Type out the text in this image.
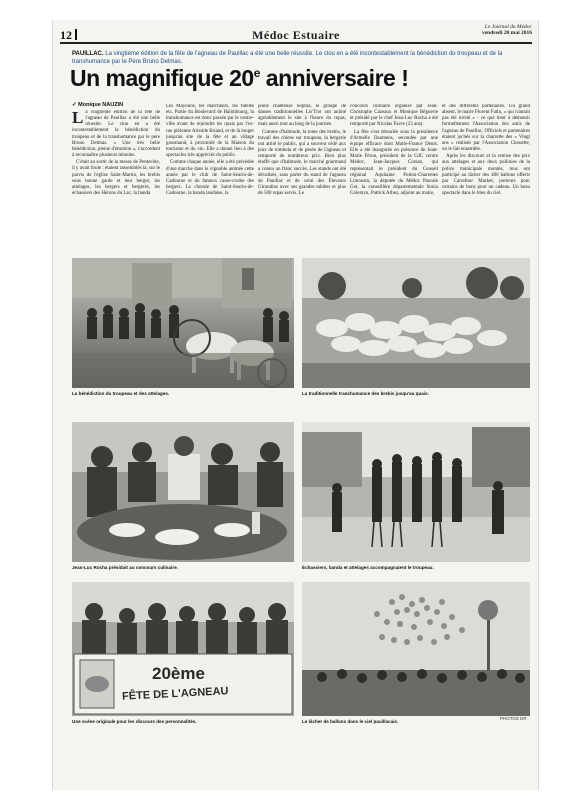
12	Médoc Estuaire
Le Journal du Médoc
vendredi 20 mai 2016
PAUILLAC. La vingtième édition de la fête de l'agneau de Pauillac a été une belle réussite. Le clou en a été incontestablement la bénédiction du troupeau et de la transhumance par le Père Bruno Delmas.
Un magnifique 20e anniversaire !
✓ Monique NAUZIN
L a vingtième édition de la fête de l'agneau de Pauillac a été une belle réussite. Le clou en a été incontestablement la bénédiction du troupeau et de la transhumance par le père Bruno Delmas. « Une très belle bénédiction, pleine d'émotion », s'accordent à reconnaître plusieurs témoins.

C'était au sortir de la messe de Pentecôte, il y avait foule : étaient rassemblés là, sur le parvis de l'église Saint-Martin, les brebis sous bonne garde et leur berger, les attelages, les bergers et bergères, les échassiers des Hérons du Lac, la banda

Les Mayouns, les marcheurs, les fidèles etc. Partie du Boulevard de Halimbourg, la transhumance est donc passée par le centre-ville avant de rejoindre les quais par l'ex-rue piétonne Aristide Briand, et de là longer jusqu'au site de la fête et au village gourmand, à proximité de la Maison du tourisme et du vin. Elle a donné lieu à des spectacles très appréciés du public.

Comme chaque année, elle a été précédée d'une marche dans le vignoble animée cette année par le club de Saint-Seurin-de-Cadourne et du fameux casse-croûte des bergers. La chorale de Saint-Seurin-de-Cadourne, la banda landaise, la

jeune chanteuse Sophia, le groupe de danses traditionnelles Lis'Trot ont animé agréablement le site à l'heure du repas, mais aussi tout au long de la journée.

Comme d'habitude, la tonte des brebis, le travail des chiens sur troupeau, la bergerie ont attiré le public, qui a souvent cédé aux jeux de tombola et de pesée de l'agneau et remporté de nombreux prix. Bien plus étoffé que d'habitude, le marché gourmand a connu un franc succès. Les stands ont été dévalisés, sans parler du stand de l'agneau de Pauillac et de celui des Éleveurs Girondins avec ses grandes tablées et plus de 500 repas servis. Le

concours culinaire organisé par Jean-Christophe Cazeaux et Monique Béguerie et présidé par le chef Jean-Luc Rocha a été remporté par Nicolas Favre (23 ans).

La fête s'est déroulée sous la présidence d'Armelle Daumens, secondée par une équipe efficace dont Marie-France Denis. Elle a été inaugurée en présence de Jean-Marie Féron, président de la CdC centre Médoc, Jean-Jacques Corsan, qui représentait le président du Conseil régional Aquitaine Poitou-Charentes Limousin, la députée du Médoc Pascale Got, la conseillère départementale Sonia Colemyn, Patrick Arbez, adjoint au maire,

et des différents partenaires. Un grand absent, le maire Florent Fatin, « qui n'aurait pas été invité » - ce que tient à démentir formellement l'Association des amis de l'agneau de Pauillac. Officiels et partenaires étaient juchés sur la charrette des « Vingt ans » réalisés par l'Association Chouette, on le fait ensemble.

Après les discours et la remise des prix aux attelages et aux deux pollinies de la police municipale montés, tous ont participé au lâcher des 400 ballons offerts par Carrefour Market, porteurs pour certains de bons pour un cadeau. Un beau spectacle dans le bleu du ciel.

La bénédiction du troupeau et des attelages.	La traditionnelle transhumance des brebis jusqu'au quais.
Jean-Luc Rocha présidait au concours culinaire.	Échassiers, banda et attelages accompagnaient le troupeau.
20ème
FÊTE DE L'AGNEAU
Une scène originale pour les discours des personnalités.	Le lâcher de ballons dans le ciel pauillacais.
PHOTOS DR
